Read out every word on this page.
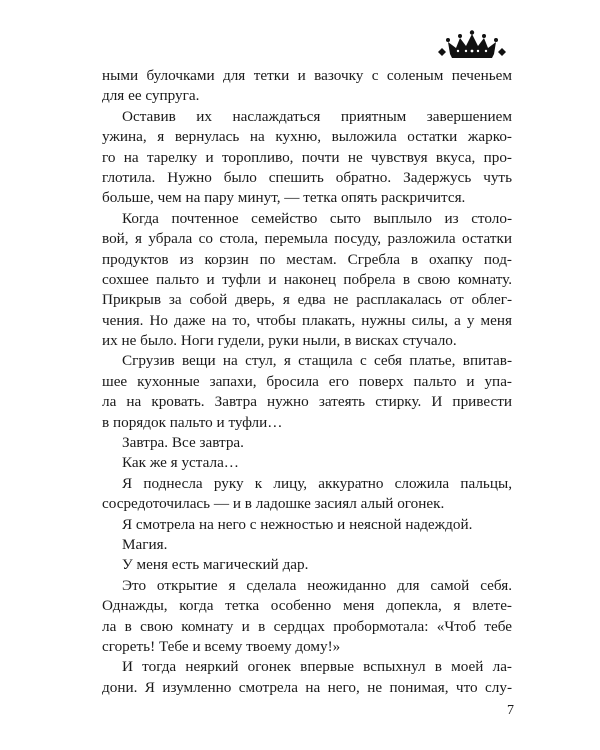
ными булочками для тетки и вазочку с соленым печеньем
для ее супруга.
Оставив их наслаждаться приятным завершением
ужина, я вернулась на кухню, выложила остатки жарко-
го на тарелку и торопливо, почти не чувствуя вкуса, про-
глотила. Нужно было спешить обратно. Задержусь чуть
больше, чем на пару минут, — тетка опять раскричится.
Когда почтенное семейство сыто выплыло из столо-
вой, я убрала со стола, перемыла посуду, разложила остатки
продуктов из корзин по местам. Сгребла в охапку под-
сохшее пальто и туфли и наконец побрела в свою комнату.
Прикрыв за собой дверь, я едва не расплакалась от облег-
чения. Но даже на то, чтобы плакать, нужны силы, а у меня
их не было. Ноги гудели, руки ныли, в висках стучало.
Сгрузив вещи на стул, я стащила с себя платье, впитав-
шее кухонные запахи, бросила его поверх пальто и упа-
ла на кровать. Завтра нужно затеять стирку. И привести
в порядок пальто и туфли…
Завтра. Все завтра.
Как же я устала…
Я поднесла руку к лицу, аккуратно сложила пальцы,
сосредоточилась — и в ладошке засиял алый огонек.
Я смотрела на него с нежностью и неясной надеждой.
Магия.
У меня есть магический дар.
Это открытие я сделала неожиданно для самой себя.
Однажды, когда тетка особенно меня допекла, я влете-
ла в свою комнату и в сердцах пробормотала: «Чтоб тебе
сгореть! Тебе и всему твоему дому!»
И тогда неяркий огонек впервые вспыхнул в моей ла-
дони. Я изумленно смотрела на него, не понимая, что слу-
7
